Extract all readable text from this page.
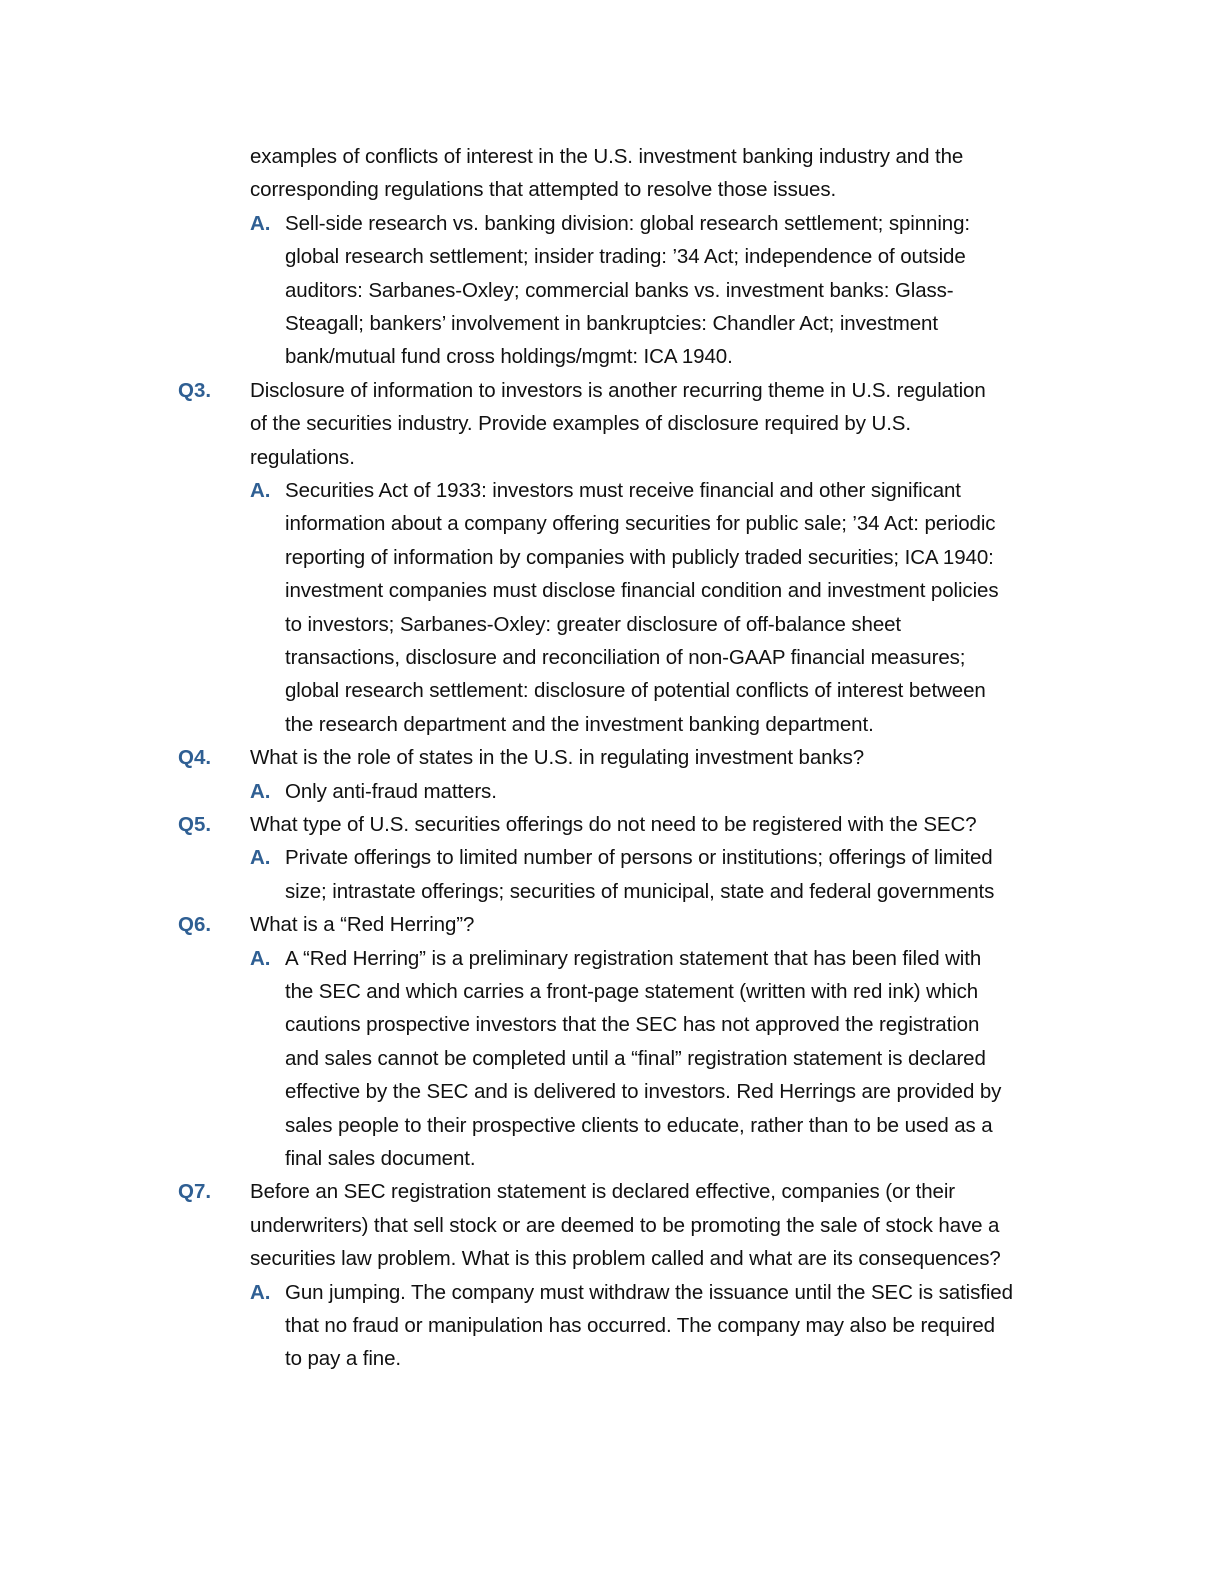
examples of conflicts of interest in the U.S. investment banking industry and the
corresponding regulations that attempted to resolve those issues.
A. Sell-side research vs. banking division: global research settlement; spinning:
global research settlement; insider trading: ’34 Act; independence of outside
auditors: Sarbanes-Oxley; commercial banks vs. investment banks: Glass-
Steagall; bankers’ involvement in bankruptcies: Chandler Act; investment
bank/mutual fund cross holdings/mgmt: ICA 1940.
Q3. Disclosure of information to investors is another recurring theme in U.S. regulation
of the securities industry. Provide examples of disclosure required by U.S.
regulations.
A. Securities Act of 1933: investors must receive financial and other significant
information about a company offering securities for public sale; ’34 Act: periodic
reporting of information by companies with publicly traded securities; ICA 1940:
investment companies must disclose financial condition and investment policies
to investors; Sarbanes-Oxley: greater disclosure of off-balance sheet
transactions, disclosure and reconciliation of non-GAAP financial measures;
global research settlement: disclosure of potential conflicts of interest between
the research department and the investment banking department.
Q4. What is the role of states in the U.S. in regulating investment banks?
A. Only anti-fraud matters.
Q5. What type of U.S. securities offerings do not need to be registered with the SEC?
A. Private offerings to limited number of persons or institutions; offerings of limited
size; intrastate offerings; securities of municipal, state and federal governments
Q6. What is a “Red Herring”?
A. A “Red Herring” is a preliminary registration statement that has been filed with
the SEC and which carries a front-page statement (written with red ink) which
cautions prospective investors that the SEC has not approved the registration
and sales cannot be completed until a “final” registration statement is declared
effective by the SEC and is delivered to investors. Red Herrings are provided by
sales people to their prospective clients to educate, rather than to be used as a
final sales document.
Q7. Before an SEC registration statement is declared effective, companies (or their
underwriters) that sell stock or are deemed to be promoting the sale of stock have a
securities law problem. What is this problem called and what are its consequences?
A. Gun jumping. The company must withdraw the issuance until the SEC is satisfied
that no fraud or manipulation has occurred. The company may also be required
to pay a fine.
